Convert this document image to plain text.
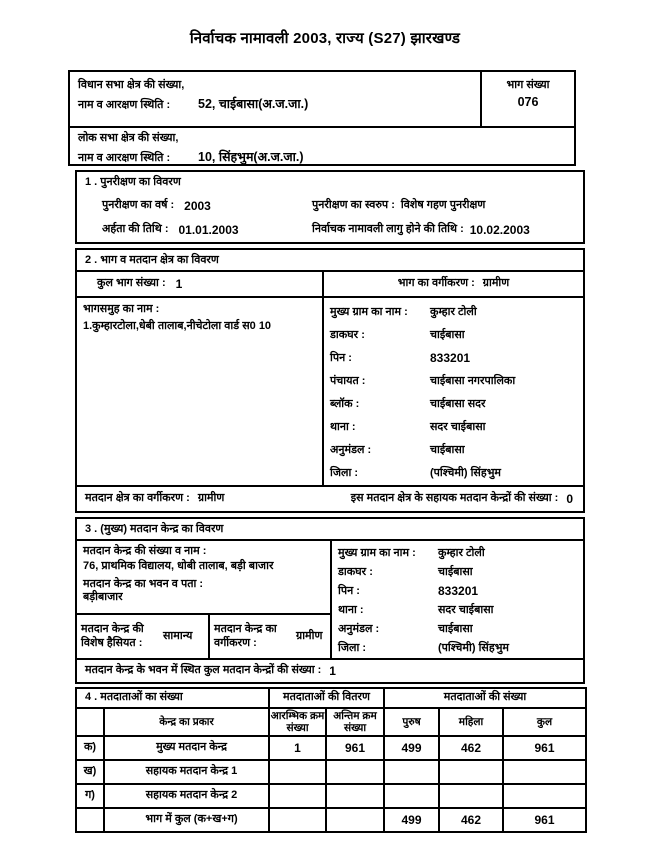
निर्वाचक नामावली 2003, राज्य (S27) झारखण्ड
विधान सभा क्षेत्र की संख्या,
नाम व आरक्षण स्थिति :	52, चाईबासा(अ.ज.जा.)
भाग संख्या
076
लोक सभा क्षेत्र की संख्या,
नाम व आरक्षण स्थिति :	10, सिंहभुम(अ.ज.जा.)
1 . पुनरीक्षण का विवरण
पुनरीक्षण का वर्ष : 2003	पुनरीक्षण का स्वरुप : विशेष गहण पुनरीक्षण
अर्हता की तिथि : 01.01.2003	निर्वाचक नामावली लागु होने की तिथि : 10.02.2003
2 . भाग व मतदान क्षेत्र का विवरण
कुल भाग संख्या : 1	भाग का वर्गीकरण : ग्रामीण
भागसमुह का नाम :
1.कुम्हारटोला,धेबी तालाब,नीचेटोला वार्ड स0 10
मुख्य ग्राम का नाम :	कुम्हार टोली
डाकघर :	चाईबासा
पिन :	833201
पंचायत :	चाईबासा नगरपालिका
ब्लॉक :	चाईबासा सदर
थाना :	सदर चाईबासा
अनुमंडल :	चाईबासा
जिला :	(पश्चिमी) सिंहभुम
मतदान क्षेत्र का वर्गीकरण : ग्रामीण	इस मतदान क्षेत्र के सहायक मतदान केन्द्रों की संख्या : 0
3 . (मुख्य) मतदान केन्द्र का विवरण
मतदान केन्द्र की संख्या व नाम :
76, प्राथमिक विद्यालय, धोबी तालाब, बड़ी बाजार
मतदान केन्द्र का भवन व पता :
बड़ीबाजार
मतदान केन्द्र की विशेष हैसियत :
सामान्य
मतदान केन्द्र का वर्गीकरण :
ग्रामीण
मुख्य ग्राम का नाम :	कुम्हार टोली
डाकघर :	चाईबासा
पिन :	833201
थाना :	सदर चाईबासा
अनुमंडल :	चाईबासा
जिला :	(पश्चिमी) सिंहभुम
मतदान केन्द्र के भवन में स्थित कुल मतदान केन्द्रों की संख्या : 1
4 . मतदाताओं का संख्या		मतदाताओं की वितरण		मतदाताओं की संख्या		
	केन्द्र का प्रकार	आरम्भिक क्रम संख्या	अन्तिम क्रम संख्या	पुरुष	महिला	कुल
क)	मुख्य मतदान केन्द्र	1	961	499	462	961
ख)	सहायक मतदान केन्द्र 1					
ग)	सहायक मतदान केन्द्र 2					
	भाग में कुल (क+ख+ग)			499	462	961
